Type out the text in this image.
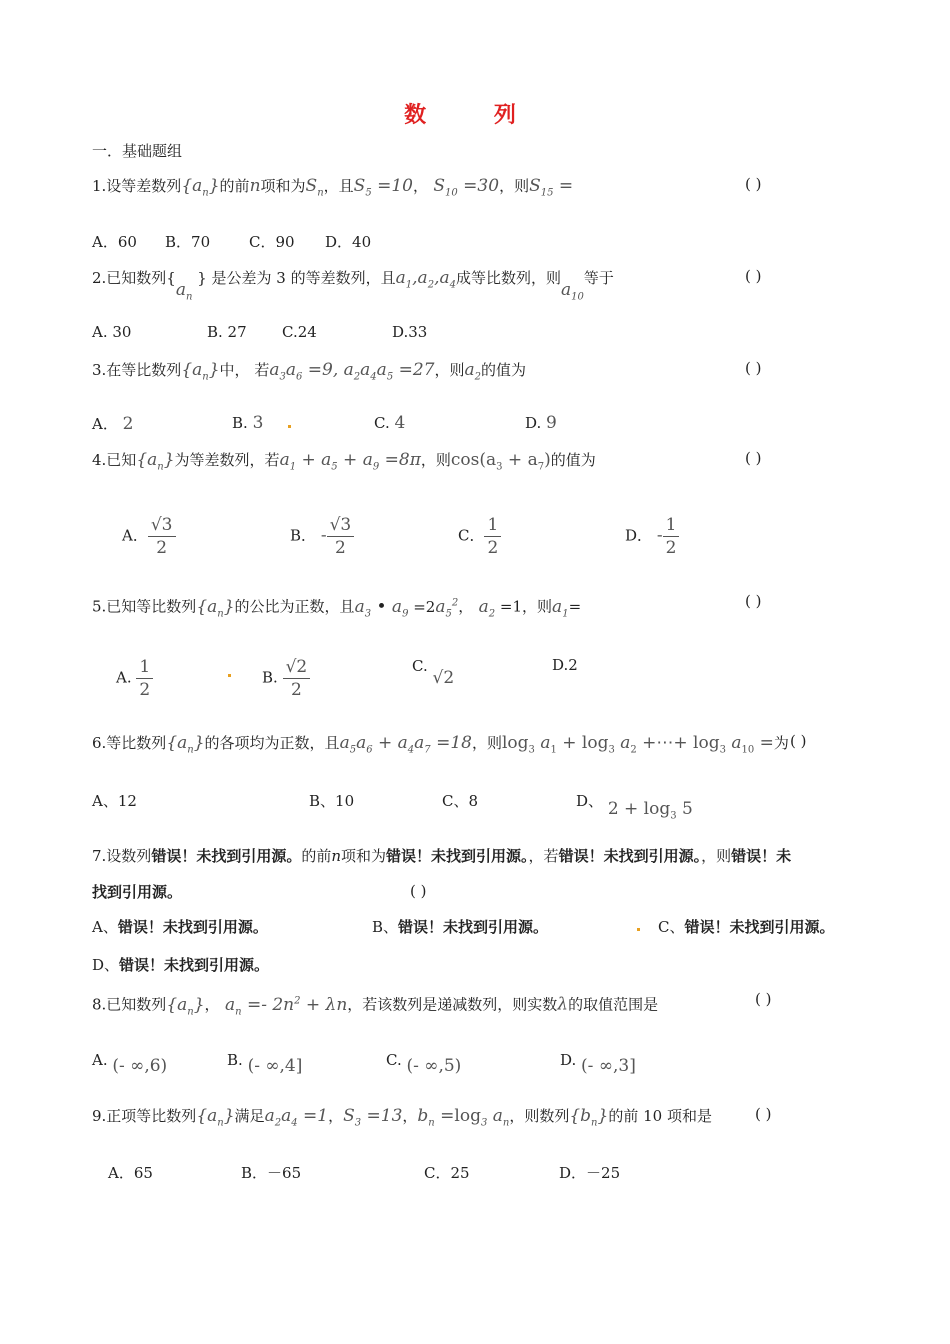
数 列
一．基础题组
1.设等差数列$\{a_n\}$的前n项和为$S_n$，且$S_5 =10$， $S_{10} =30$，则$S_{15}$ =	( )
A．60 B．70	C．90 D．40
2.已知数列{$a_n$ } 是公差为 3 的等差数列，且$a_1,a_2,a_4$成等比数列，则$a_{10}$等于	( )
A. 30	B. 27 C.24	D.33
3.在等比数列$\{a_n\}$中， 若$a_3a_6 =9$, $a_2a_4a_5 =27$，则$a_2$的值为	( )
A． 2	B. 3	C. 4	D. 9
4.已知$\{a_n\}$为等差数列，若$a_1 + a_5 + a_9 =8\pi$，则$\cos(a_3 + a_7)$的值为	( )
A． $\frac{√3}{2}$	B． - $\frac{√3}{2}$	C． $\frac{1}{2}$	D． - $\frac{1}{2}$
5.已知等比数列$\{a_n\}$的公比为正数，且$a_3$ • $a_9 =2a_5^2$， $a_2 =1$，则$a_1=$	( )
A. $\frac{1}{2}$	B. $\frac{√2}{2}$	C. √2
D.2
6.等比数列$\{a_n\}$的各项均为正数，且$a_5a_6 + a_4a_7 =18$，则$\log_3 a_1 + \log_3 a_2$ +⋯+ $\log_3 a_{10}$ =为 ( )
A、12	B、10	C、8	D、 $2 + \log_3 5$
7.设数列错误！未找到引用源。的前n项和为错误！未找到引用源。，若错误！未找到引用源。，则错误！未
找到引用源。	( )
A、错误！未找到引用源。	B、错误！未找到引用源。	C、错误！未找到引用源。
D、错误！未找到引用源。
8.已知数列$\{a_n\}$， $a_n =- 2n^2 + \lambda n$，若该数列是递减数列，则实数λ的取值范围是	( )
A. (- ∞,6)	B. (- ∞,4]	C. (- ∞,5)	D. (- ∞,3]
9.正项等比数列$\{a_n\}$满足$a_2a_4 =1$，$S_3 =13$，$b_n =\log_3$ $a_n$，则数列$\{b_n\}$的前 10 项和是	( )
A．65	B．－65	C．25	D．－25
